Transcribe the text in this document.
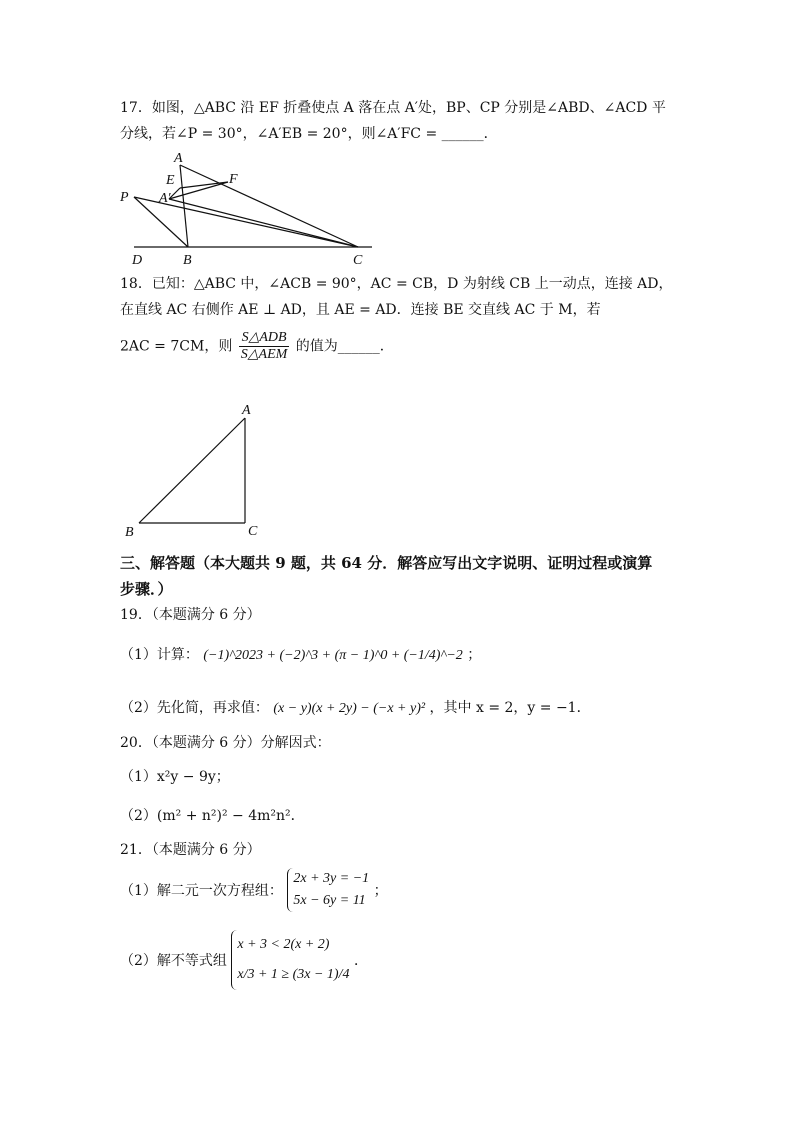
17．如图，△ABC 沿 EF 折叠使点 A 落在点 A′处，BP、CP 分别是∠ABD、∠ACD 平
分线，若∠P = 30°，∠A′EB = 20°，则∠A′FC = ______．
A
E	F
P A′
D	B	C
18．已知：△ABC 中，∠ACB = 90°，AC = CB，D 为射线 CB 上一动点，连接 AD，
在直线 AC 右侧作 AE ⊥ AD，且 AE = AD．连接 BE 交直线 AC 于 M，若
2AC = 7CM，则 $\frac{\text{S△ADB}}{\text{S△AEM}}$ 的值为______．
A
B	C
三、解答题（本大题共 9 题，共 64 分．解答应写出文字说明、证明过程或演算
步骤．）
19．（本题满分 6 分）
（1）计算： (−1)^2023 + (−2)^3 + (π − 1)^0 + (−1/4)^−2 ；
（2）先化简，再求值： (x − y)(x + 2y) − (−x + y)² ，其中 x = 2，y = −1．
20．（本题满分 6 分）分解因式：
（1）x²y − 9y；
（2）(m² + n²)² − 4m²n²．
21．（本题满分 6 分）
（1）解二元一次方程组：
2x + 3y = −1
5x − 6y = 11
；
（2）解不等式组
x + 3 < 2(x + 2)
x/3 + 1 ≥ (3x − 1)/4
．
